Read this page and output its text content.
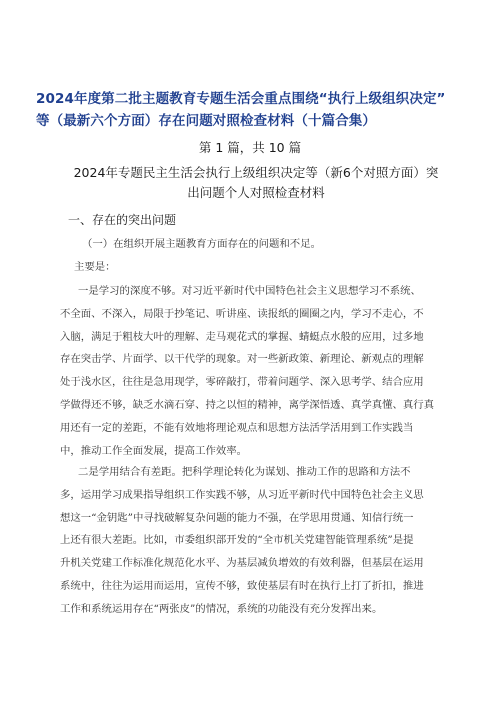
2024年度第二批主题教育专题生活会重点围绕“执行上级组织决定”
等（最新六个方面）存在问题对照检查材料（十篇合集）
第 1 篇，共 10 篇
2024年专题民主生活会执行上级组织决定等（新6个对照方面）突
出问题个人对照检查材料
一、存在的突出问题
（一）在组织开展主题教育方面存在的问题和不足。
主要是：
一是学习的深度不够。对习近平新时代中国特色社会主义思想学习不系统、
不全面、不深入，局限于抄笔记、听讲座、读报纸的圈圈之内，学习不走心，不
入脑，满足于粗枝大叶的理解、走马观花式的掌握、蜻蜓点水般的应用，过多地
存在突击学、片面学、以干代学的现象。对一些新政策、新理论、新观点的理解
处于浅水区，往往是急用现学，零碎敲打，带着问题学、深入思考学、结合应用
学做得还不够，缺乏水滴石穿、持之以恒的精神，离学深悟透、真学真懂、真行真
用还有一定的差距，不能有效地将理论观点和思想方法活学活用到工作实践当
中，推动工作全面发展，提高工作效率。
二是学用结合有差距。把科学理论转化为谋划、推动工作的思路和方法不
多，运用学习成果指导组织工作实践不够，从习近平新时代中国特色社会主义思
想这一“金钥匙”中寻找破解复杂问题的能力不强，在学思用贯通、知信行统一
上还有很大差距。比如，市委组织部开发的“全市机关党建智能管理系统”是提
升机关党建工作标准化规范化水平、为基层减负增效的有效利器，但基层在运用
系统中，往往为运用而运用，宣传不够，致使基层有时在执行上打了折扣，推进
工作和系统运用存在“两张皮”的情况，系统的功能没有充分发挥出来。
